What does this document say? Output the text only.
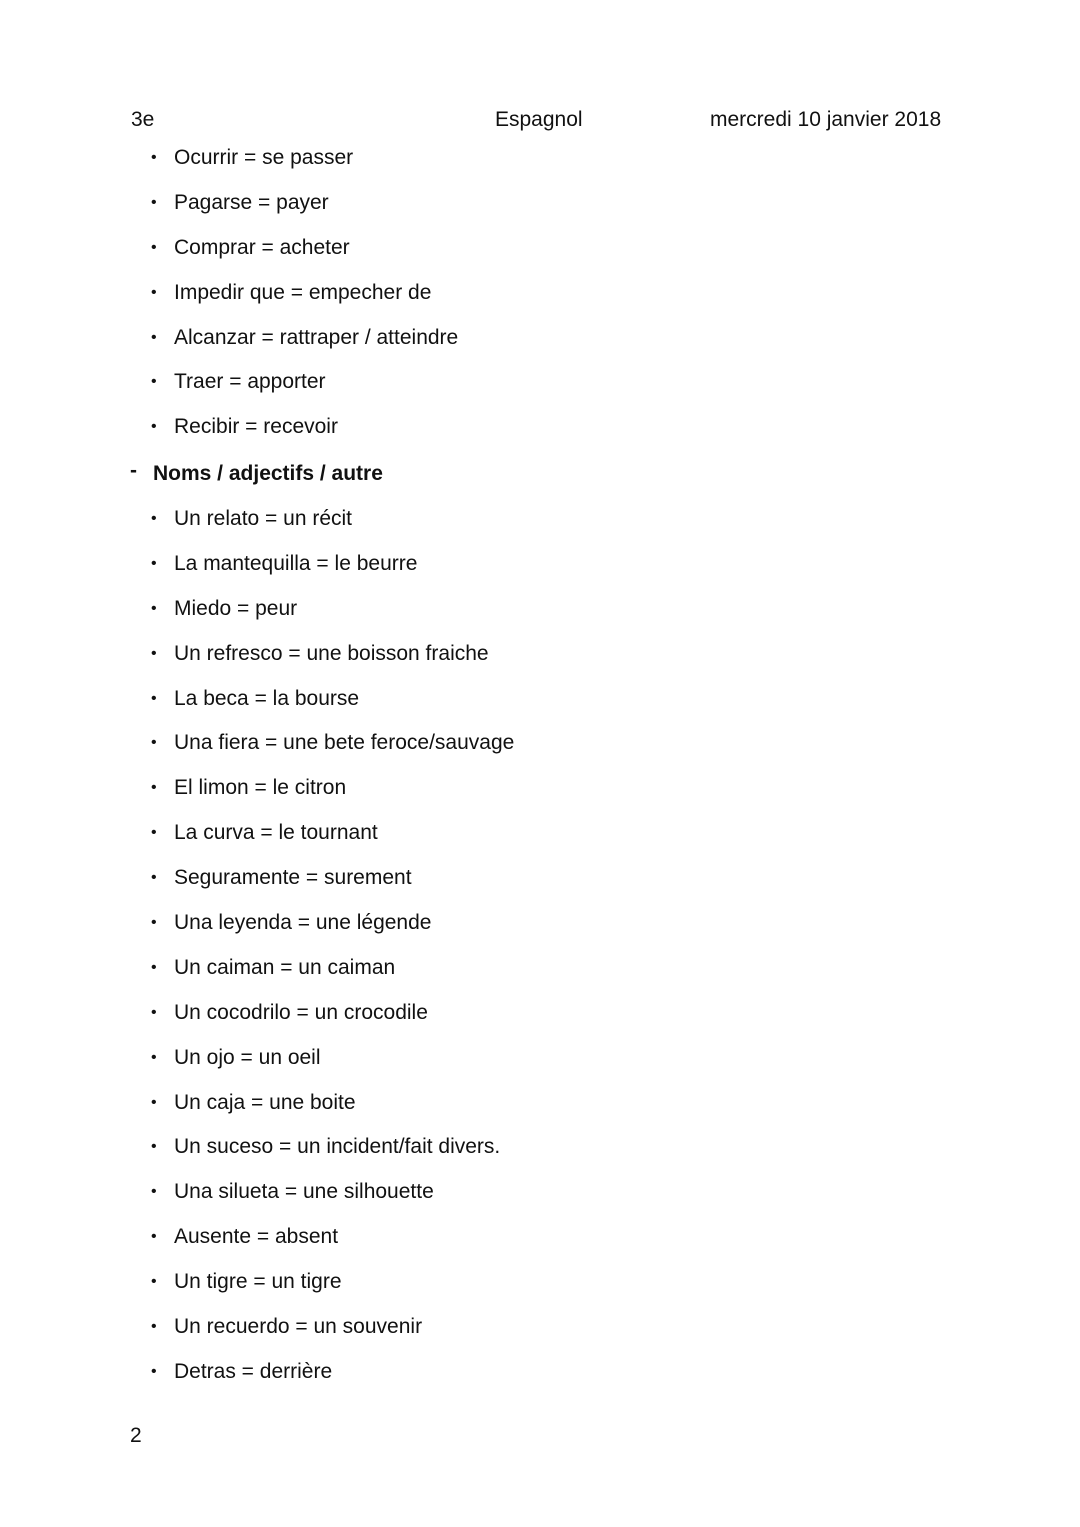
3e	Espagnol	mercredi 10 janvier 2018
• Ocurrir = se passer
• Pagarse = payer
• Comprar = acheter
• Impedir que = empecher de
• Alcanzar = rattraper / atteindre
• Traer = apporter
• Recibir = recevoir
- Noms / adjectifs / autre
• Un relato = un récit
• La mantequilla = le beurre
• Miedo = peur
• Un refresco = une boisson fraiche
• La beca = la bourse
• Una fiera = une bete feroce/sauvage
• El limon = le citron
• La curva = le tournant
• Seguramente = surement
• Una leyenda = une légende
• Un caiman = un caiman
• Un cocodrilo = un crocodile
• Un ojo = un oeil
• Un caja = une boite
• Un suceso = un incident/fait divers.
• Una silueta = une silhouette
• Ausente = absent
• Un tigre = un tigre
• Un recuerdo = un souvenir
• Detras = derrière
2
